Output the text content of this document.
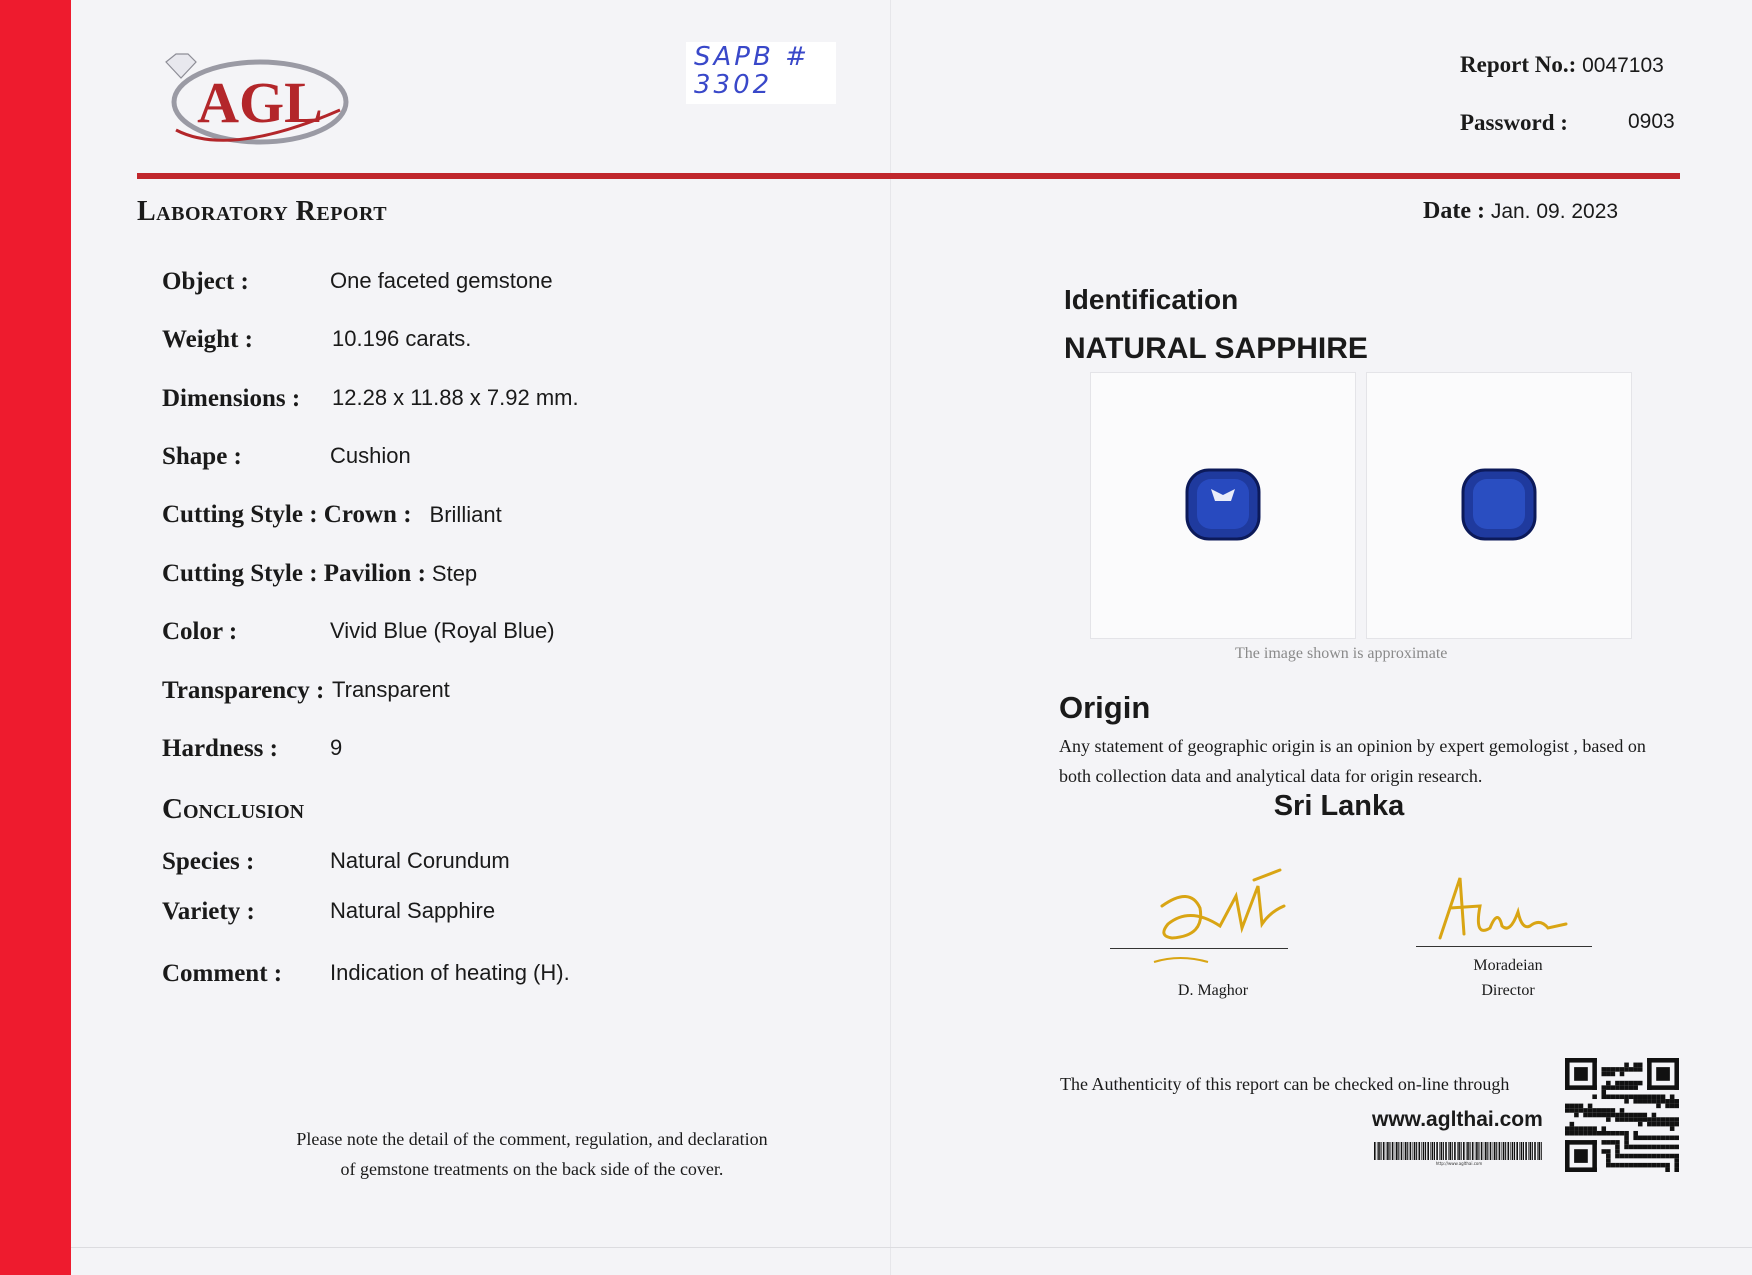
AGL
SAPB #
3302
Report No.: 0047103
Password :	0903
Laboratory Report	Date : Jan. 09. 2023
Object :	One faceted gemstone
Weight :	10.196 carats.
Dimensions : 12.28 x 11.88 x 7.92 mm.
Shape :	Cushion
Cutting Style : Crown : Brilliant
Cutting Style : Pavilion : Step
Color :	Vivid Blue (Royal Blue)
Transparency : Transparent
Hardness : 9
Conclusion
Species :	Natural Corundum
Variety :	Natural Sapphire
Comment : Indication of heating (H).
Please note the detail of the comment, regulation, and declaration
of gemstone treatments on the back side of the cover.
Identification
NATURAL SAPPHIRE
The image shown is approximate
Origin
Any statement of geographic origin is an opinion by expert gemologist , based on
both collection data and analytical data for origin research.
Sri Lanka
D. Maghor
Moradeian
Director
The Authenticity of this report can be checked on-line through
www.aglthai.com
http://www.aglthai.com
